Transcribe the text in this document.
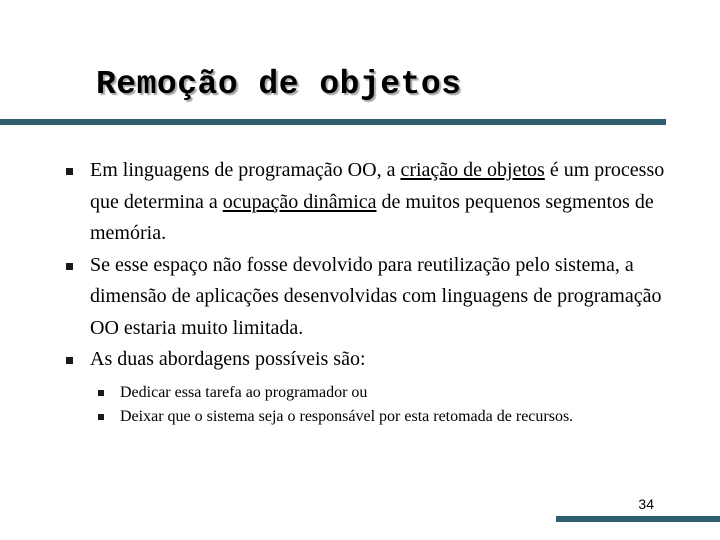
Remoção de objetos
Em linguagens de programação OO, a criação de objetos é um processo que determina a ocupação dinâmica de muitos pequenos segmentos de memória.
Se esse espaço não fosse devolvido para reutilização pelo sistema, a dimensão de aplicações desenvolvidas com linguagens de programação OO estaria muito limitada.
As duas abordagens possíveis são:
Dedicar essa tarefa ao programador ou
Deixar que o sistema seja o responsável por esta retomada de recursos.
34
